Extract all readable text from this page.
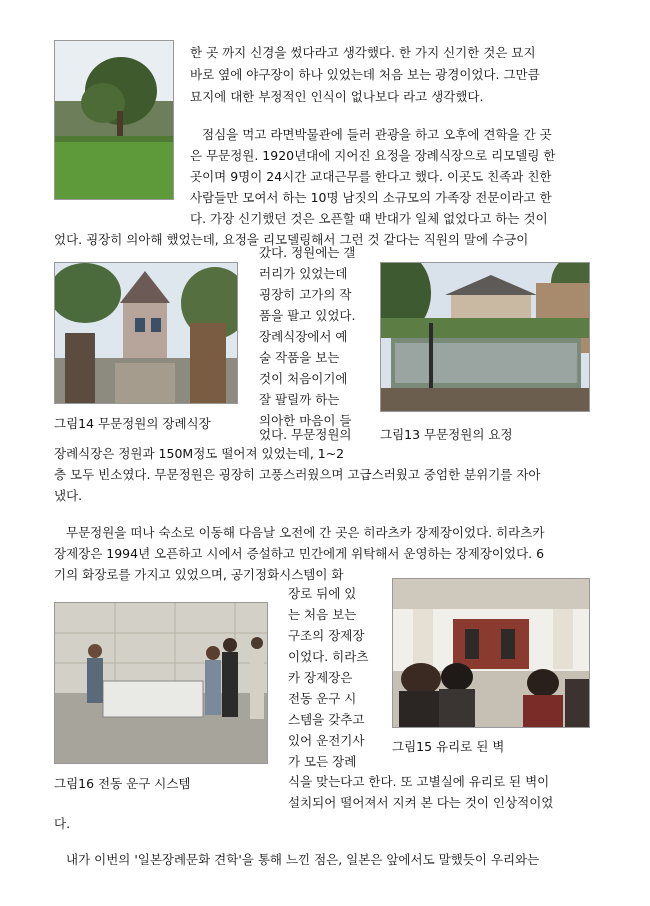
한 곳 까지 신경을 썼다라고 생각했다. 한 가지 신기한 것은 묘지
바로 옆에 야구장이 하나 있었는데 처음 보는 광경이었다. 그만큼
묘지에 대한 부정적인 인식이 없나보다 라고 생각했다.
점심을 먹고 라면박물관에 들러 관광을 하고 오후에 견학을 간 곳
은 무문정원. 1920년대에 지어진 요정을 장례식장으로 리모델링 한
곳이며 9명이 24시간 교대근무를 한다고 했다. 이곳도 친족과 친한
사람들만 모여서 하는 10명 남짓의 소규모의 가족장 전문이라고 한
다. 가장 신기했던 것은 오픈할 때 반대가 일체 없었다고 하는 것이
었다. 굉장히 의아해 했었는데, 요정을 리모델링해서 그런 것 같다는 직원의 말에 수긍이
갔다. 정원에는 갤
러리가 있었는데
굉장히 고가의 작
품을 팔고 있었다.
장례식장에서 예
술 작품을 보는
것이 처음이기에
잘 팔릴까 하는
의아한 마음이 들
었다. 무문정원의
그림14 무문정원의 장례식장
그림13 무문정원의 요정
장례식장은 정원과 150M정도 떨어져 있었는데, 1~2
층 모두 빈소였다. 무문정원은 굉장히 고풍스러웠으며 고급스러웠고 중엄한 분위기를 자아
냈다.
무문정원을 떠나 숙소로 이동해 다음날 오전에 간 곳은 히라츠카 장제장이었다. 히라츠카
장제장은 1994년 오픈하고 시에서 증설하고 민간에게 위탁해서 운영하는 장제장이었다. 6
기의 화장로를 가지고 있었으며, 공기정화시스템이 화
장로 뒤에 있
는 처음 보는
구조의 장제장
이었다. 히라츠
카 장제장은
전동 운구 시
스템을 갖추고
있어 운전기사
가 모든 장례
그림15 유리로 된 벽
그림16 전동 운구 시스템	식을 맞는다고 한다. 또 고별실에 유리로 된 벽이
설치되어 떨어져서 지켜 본 다는 것이 인상적이었
다.
내가 이번의 '일본장례문화 견학'을 통해 느낀 점은, 일본은 앞에서도 말했듯이 우리와는
